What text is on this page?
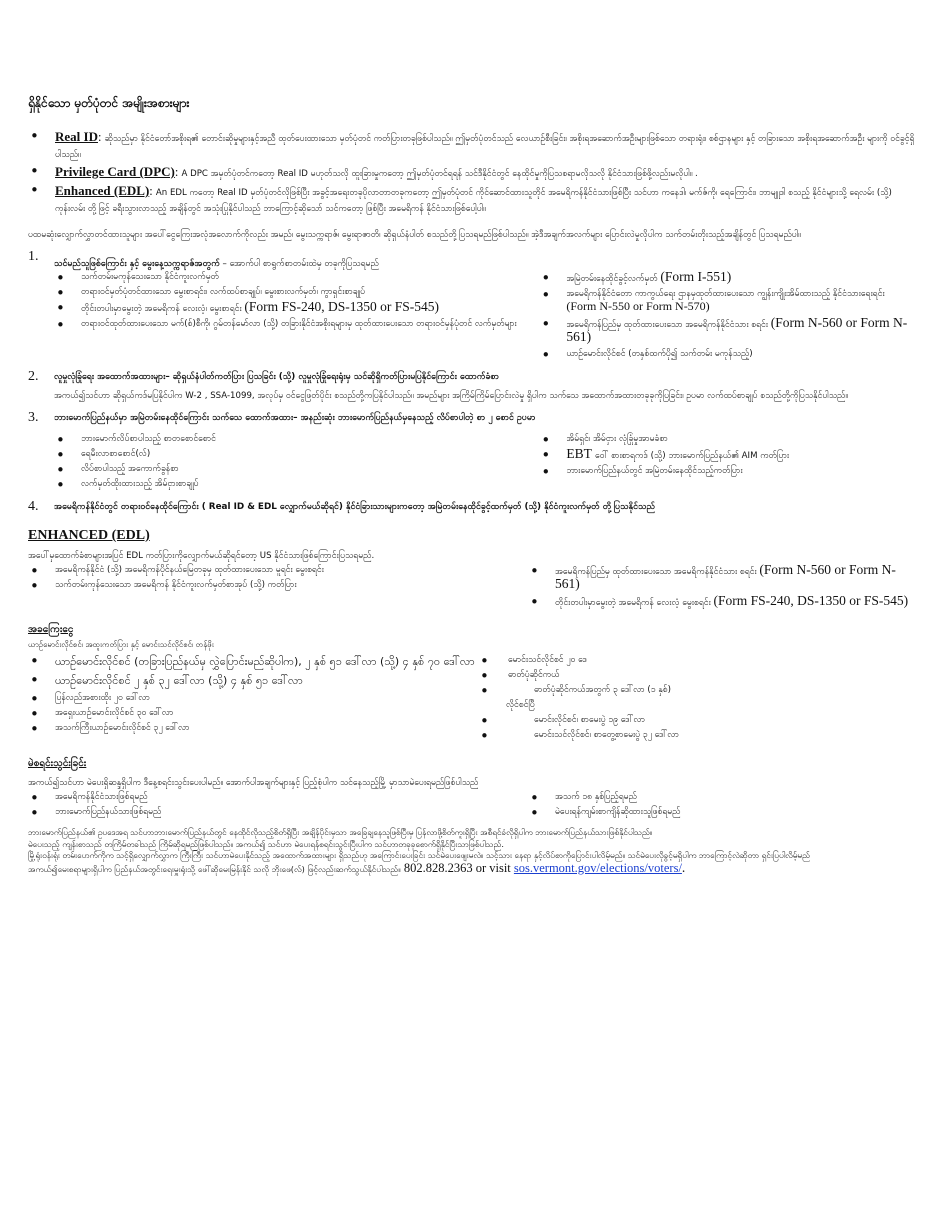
ရှိနိုင်သော မှတ်ပုံတင် အမျိုးအစားများ
• Real ID: ဆိုသည်မှာ နိုင်ငံတော်အစိုးရ၏ တောင်းဆိုမှုများနှင့်အညီ ထုတ်ပေးထားသော မှတ်ပုံတင် ကတ်ပြားတခုဖြစ်ပါသည်။ ဤမှတ်ပုံတင်သည် လေယာဉ်စီးခြင်း၊ အစိုးရအဆောက်အဦးများဖြစ်သော တရားရုံး၊ စစ်ဌာနများ နှင့် တခြားသော အစိုးရအဆောက်အဦး များကို ဝင်ခွင့်ရှိပါသည်။
• Privilege Card (DPC): A DPC အမှတ်ပုံတင်ကတော့ Real ID မဟုတ်သလို ထူးခြားမှုကတော့ ဤမှတ်ပုံတင်ရရန် သင်ဒီနိုင်ငံတွင် နေထိုင်မှုကိုပြသစရာမလိုသလို နိုင်ငံသားဖြစ်ဖို့လည်းမလိုပါ။ .
• Enhanced (EDL): An EDL ကတော့ Real ID မှတ်ပုံတင်လိုဖြစ်ပြီး အခွင့်အရေးတခုပိုလာတာတခုကတော့ ဤမှတ်ပုံတင် ကိုင်ဆောင်ထားသူတိုင် အမေရိကန်နိုင်ငံသားဖြစ်ပြီး သင်ဟာ ကနေဒါ၊ မက်ဇ်ကို၊ ရေကြောင်း၊ ဘာမျူဒါ စသည့် နိုင်ငံများသို့ ရေလမ်း (သို့) ကုန်းလမ်း တို့ဖြင့် ခရီးသွားလာသည့် အချိန်တွင် အသုံးပြုနိုင်ပါသည် ဘာကြောင့်ဆိုသော် သင်ကတော့ ဖြစ်ပြီး အမေရိကန် နိုင်ငံသားဖြစ်ပေါ့ပါ။

ပထမဆုံးလျှောက်လွှာတင်ထားသူများ အပေါ်ငွေကြေးအလုံအလောက်ကိုလည်း အမည်၊ မွေးသက္ကရာဇ်၊ မွေးရာဇာတိ၊ ဆိုရှယ်နံပါတ် စသည်တို့ပြသရမည်ဖြစ်ပါသည်။ အဲ့ဒီအချက်အလက်များ ပြောင်းလဲမှုလိုပါက သက်တမ်းတိုးသည့်အချိန်တွင် ပြသရမည်ပါ။

1. သင်မည်သူဖြစ်ကြောင်း နှင့် မွေးနေ့သက္ကရာဇ်အတွက် – အောက်ပါ စာရွက်စာတမ်းထဲမှ တခုကိုပြသရမည်
• သက်တမ်းမကုန်သေးသော နိုင်ငံကူးလက်မှတ်
• တရားဝင်မှတ်ပုံတင်ထားသော မွေးစာရင်း၊ လက်ထပ်စာချုပ်၊ မွေးစားလက်မှတ်၊ ကွာရှင်းစာချုပ်
• တိုင်းတပါးမှာမွေးတဲ့ အမေရိကန် လေးလံ့၊ မွေးစာရင်း (Form FS-240, DS-1350 or FS-545)
• တရားဝင်ထုတ်ထားပေးသော မက်(စ်)စီကို၊ ဂွမ်တန်မော်လာ (သို့) တခြားနိုင်ငံအစိုးရများမှ ထုတ်ထားပေးသော တရားဝင်မှန်ပုံတင် လက်မှတ်များ
• အမြဲတမ်းနေထိုင်ခွင့်လက်မှတ် (Form I-551)
• အမေရိကန်နိုင်ငံတော ကာကွယ်ရေး ဌာနမှထုတ်ထားပေးသော ကျွန်းကျိုးအိမ်ထားသည့် နိုင်ငံသားရေးရင်း (Form N-550 or Form N-570)
• အမေရိကန်ပြည်မှ ထုတ်ထားပေးသော အမေရိကန်နိုင်ငံသား စရင်း (Form N-560 or Form N-561)
• ယာဉ်မောင်းလိုင်စင် (တနှစ်ထက်ပို၍ သက်တမ်း မကုန်သည့်)
2. လူမှုလုံခြုံရေး အထောက်အထားများ– ဆိုရှယ်နံပါတ်ကတ်ပြား ပြသခြင်း (သို့) လူမှုလုံခြုံရေးရုံးမှ သင်ဆိုရှိကတ်ပြားမပြနိုင်ကြောင်း ထောက်ခံစာ

အကယ်၍သင်ဟာ ဆိုရှယ်ကဒ်မပြနိုင်ပါက W-2 , SSA-1099, အလုပ်မှ ဝင်ငွေဖြတ်ပိုင်း စသည်တို့ကပြနိုင်ပါသည်။ အမည်များ အကြိမ်ကြိမ်ပြောင်းလဲမှု ရှိပါက သက်သေ အထောက်အထားတခုခုကိုပြခြင်း၊ ဥပမာ လက်ထပ်စာချုပ် စသည်တို့ကိုပြသနိုင်ပါသည်။

3. ဘားမောက်ပြည်နယ်မှာ အမြဲတမ်းနေထိုင်ကြောင်း သက်သေ ထောက်အထား– အနည်းဆုံး ဘားမောက်ပြည်နယ်မှနေသည့် လိပ်စာပါတဲ့ စာ ၂ စောင် ဥပမာ
• ဘားမောက်လိပ်စာပါသည့် စာတစောင်စောင်
• ရေမီးလာစာစောင်(လ်)
• လိပ်စာပါသည့် အကောက်ခွန်စာ
• လက်မှတ်ထိုးထားသည့် အိမ်ငှားစာချုပ်
• အိမ်ရှင်၊ အိမ်ငှား လုံခြုံမှုအာမခံစာ
• EBT ဝေါ် စားစာရကဒ် (သို့) ဘားမောက်ပြည်နယ်၏ AIM ကတ်ပြား
• ဘားမောက်ပြည်နယ်တွင် အမြဲတမ်းနေထိုင်သည့်ကတ်ပြား
4. အမေရိကန်နိုင်ငံတွင် တရားဝင်နေထိုင်ကြောင်း ( Real ID & EDL လျှောက်မယ်ဆိုရင်) နိုင်ငံခြားသားများကတော့ အမြဲတမ်းနေထိုင်ခွင့်ထက်မှတ် (သို့) နိုင်ငံကူးလက်မှတ် တို့ပြသနိုင်သည်
ENHANCED (EDL)
အပေါ်မှထောက်ခံစာများအပြင် EDL ကတ်ပြားကိုလျှောက်မယ်ဆိုရင်တော့ US နိုင်ငံသားဖြစ်ကြောင်းပြသရမည်.
• အမေရိကန်နိုင်ငံ (သို့) အမေရိကန်ပိုင်နယ်မြေတခုမှ ထုတ်ထားပေးသော မူရင်း မွေးစရင်း
• သက်တမ်းကုန်သေးသော အမေရိကန် နိုင်ငံကူးလက်မှတ်စာအုပ် (သို့) ကတ်ပြား
• အမေရိကန်ပြည်မှ ထုတ်ထားပေးသော အမေရိကန်နိုင်ငံသား စရင်း (Form N-560 or Form N-561)
• တိုင်းတပါးမှာမွေးတဲ့ အမေရိကန် လေးလံ့ မွေးစရင်း (Form FS-240, DS-1350 or FS-545)
အခကြေးငွေ
ယာဉ်မောင်းလိုင်စင်၊ အထူးကတ်ပြား နှင့် မောင်းသင်လိုင်စင်၊ တန်ဖိုး
• ယာဉ်မောင်းလိုင်စင် (တခြားပြည်နယ်မှ လွှဲပြောင်းမည်ဆိုပါက), ၂ နှစ် ၅၁ ဒေါ်လာ (သို့) ၄ နှစ် ၇၀ ဒေါ်လာ
• ယာဉ်မောင်းလိုင်စင် ၂ နှစ် ၃၂ ဒေါ်လာ (သို့) ၄ နှစ် ၅၁ ဒေါ်လာ
• ပြန်လည်အစားထိုး ၂၀ ဒေါ်လာ
• အရှေးယာဉ်မောင်းလိုင်စင် ၃၀ ဒေါ်လာ
• အသက်ကြီးယာဉ်မောင်းလိုင်စင် ၃၂ ဒေါ်လာ
• မောင်းသင်လိုင်စင် ၂၀ ဒေ
• ဓာတ်ပုံဆိုင်ကယ်
• ဓာတ်ပုံဆိုင်ကယ်အတွက် ၃ ဒေါ်လာ (၁ နှစ်)
လိုင်စင်ပြီ
• မောင်းလိုင်စင်၊ စာမေးပွဲ ၁၉ ဒေါ်လာ
• မောင်းသင်လိုင်စင်၊ စာတွေ့စာမေးပွဲ ၃၂ ဒေါ်လာ
မဲစရင်းသွင်းခြင်း
အကယ်၍သင်ဟာ မဲပေးရှိဆန္ဒရှိပါက ဒီနေ့စရင်းသွင်းပေးပါမည်။ အောက်ပါအချက်များနှင့် ပြည့်စုံပါက သင်နေသည့်မြို့ မှာသာမဲပေးရမည်ဖြစ်ပါသည်
• အမေရိကန်နိုင်ငံသားဖြစ်ရမည်
• ဘားမောက်ပြည်နယ်သားဖြစ်ရမည်
• အသက် ၁၈ နှစ်ပြည့်ရမည်
• မဲပေးရန်ကျမ်းစာကျိန်ဆိုထားသူဖြစ်ရမည်
ဘားမောက်ပြည်နယ်၏ ဥပဒေအရ သင်ဟာဘားမောက်ပြည်နယ်တွင် နေထိုင်လိုသည့်စိတ်ရှိပြီး အချိန်ပိုင်းမှသာ အခြေချနေသူဖြစ်ပြီးမှ ပြန်လာဖို့စိတ်ကူးရှိပြီး အစီရင်ခံလိုရှိပါက ဘားမောက်ပြည်နယ်သားဖြစ်နိုင်ပါသည်။
မဲပေးသည့် ကျန်းစာသည် တကြိမ်တခါသည် ကြိမ်ဆိုရမည်ဖြစ်ပါသည်။ အကယ်၍ သင်ဟာ မဲပေးရန်စရင်းသွင်းပြီးပါက သင်ဟာတခုခုစောက်ရှိနိုင်ပြီးသာဖြစ်ပါသည်.
မြို့ရုံးဝန်းရုံး တမ်းပောက်ကိုက သင့်ရှိလျှောက်လွှာက ကြီးကြီး သင်ဟာမဲပေးနိုင်သည့် အထောက်အထားများ ရှိသည်ဟု အကြောင်းပေးခြင်း သင်မဲပေးဖျေးမလဲ။ သင့်သား နေရာ နှင့်လိပ်စာကိုပြောင်းပါလိမ့်မည်။ သင်မဲပေးလိုခွင့်မရှိပါက ဘာကြောင့်လဲဆိုတာ ရှင်းပြပါလိမ့်မည်
အကယ်၍မေးစရာများရှိပါက ပြည်နယ်အတွင်းရေးမှူးရုံးသို့ ဖေါ်ဆိုမေးမြန်းနိုင် သလို ဘိုးဖေ(လ်) ဖြင့်လည်းဆက်သွယ်နိုင်ပါသည်။ 802.828.2363 or visit sos.vermont.gov/elections/voters/.
